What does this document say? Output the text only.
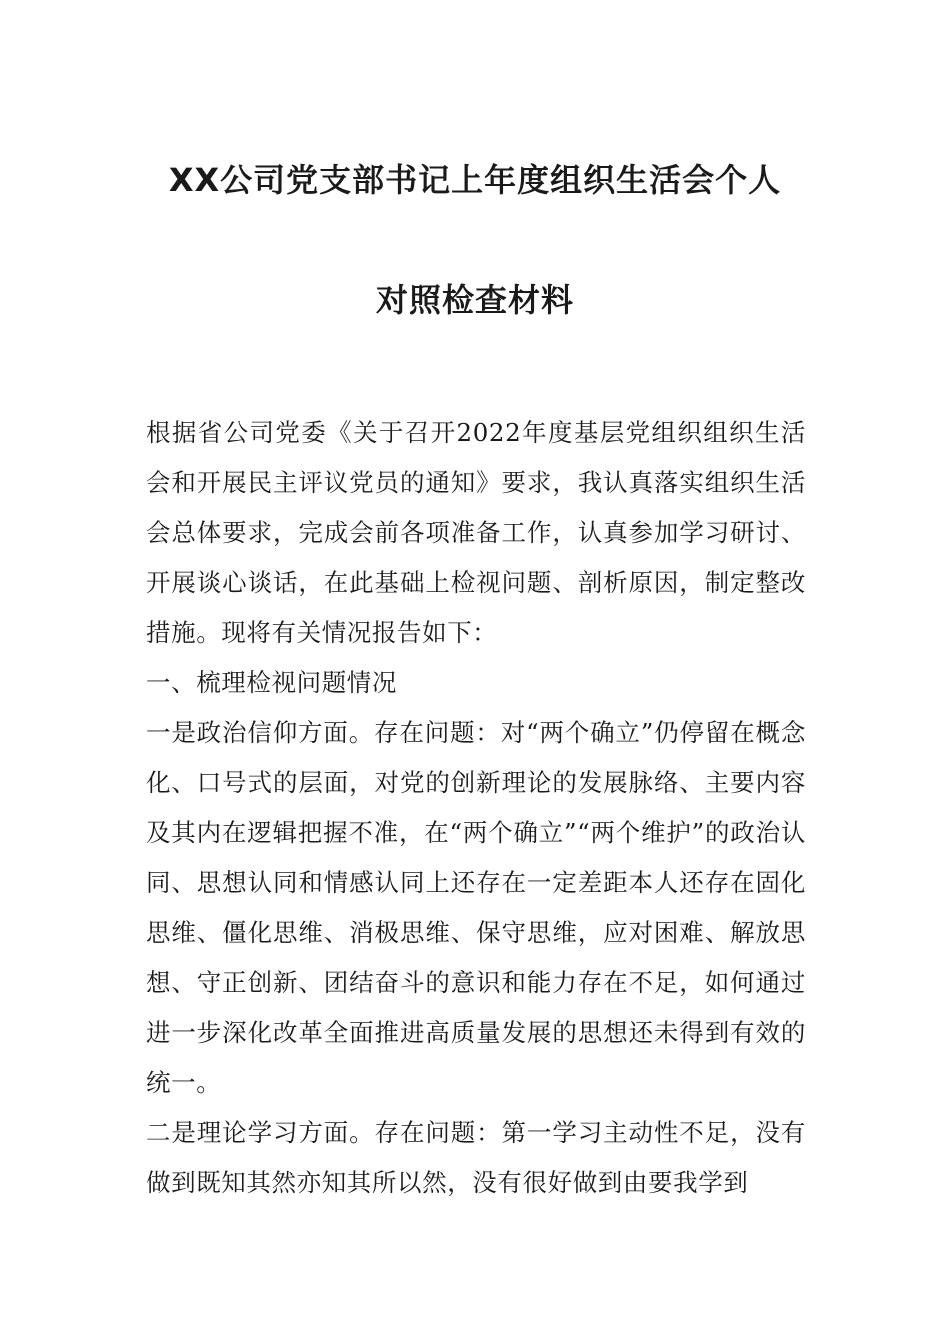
XX公司党支部书记上年度组织生活会个人
对照检查材料

根据省公司党委《关于召开2022年度基层党组织组织生活会和开展民主评议党员的通知》要求，我认真落实组织生活会总体要求，完成会前各项准备工作，认真参加学习研讨、开展谈心谈话，在此基础上检视问题、剖析原因，制定整改措施。现将有关情况报告如下：

一、梳理检视问题情况

一是政治信仰方面。存在问题：对“两个确立”仍停留在概念化、口号式的层面，对党的创新理论的发展脉络、主要内容及其内在逻辑把握不准，在“两个确立”“两个维护”的政治认同、思想认同和情感认同上还存在一定差距本人还存在固化思维、僵化思维、消极思维、保守思维，应对困难、解放思想、守正创新、团结奋斗的意识和能力存在不足，如何通过进一步深化改革全面推进高质量发展的思想还未得到有效的统一。

二是理论学习方面。存在问题：第一学习主动性不足，没有做到既知其然亦知其所以然，没有很好做到由要我学到
